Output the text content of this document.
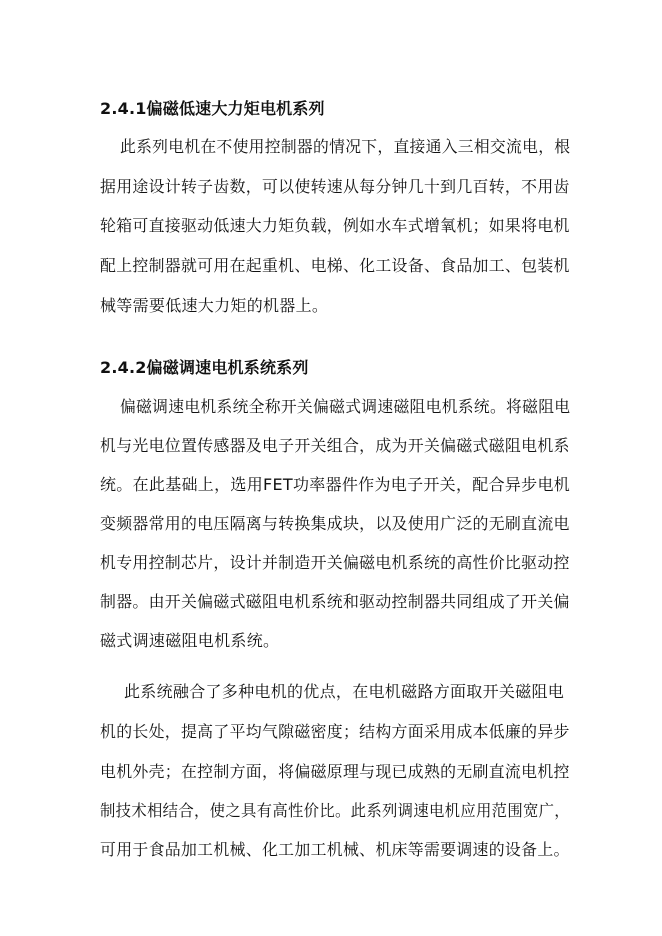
2.4.1偏磁低速大力矩电机系列

此系列电机在不使用控制器的情况下，直接通入三相交流电，根

据用途设计转子齿数，可以使转速从每分钟几十到几百转，不用齿

轮箱可直接驱动低速大力矩负载，例如水车式增氧机；如果将电机

配上控制器就可用在起重机、电梯、化工设备、食品加工、包装机

械等需要低速大力矩的机器上。

2.4.2偏磁调速电机系统系列

偏磁调速电机系统全称开关偏磁式调速磁阻电机系统。将磁阻电

机与光电位置传感器及电子开关组合，成为开关偏磁式磁阻电机系

统。在此基础上，选用FET功率器件作为电子开关，配合异步电机

变频器常用的电压隔离与转换集成块，以及使用广泛的无刷直流电

机专用控制芯片，设计并制造开关偏磁电机系统的高性价比驱动控

制器。由开关偏磁式磁阻电机系统和驱动控制器共同组成了开关偏

磁式调速磁阻电机系统。

此系统融合了多种电机的优点，在电机磁路方面取开关磁阻电

机的长处，提高了平均气隙磁密度；结构方面采用成本低廉的异步

电机外壳；在控制方面，将偏磁原理与现已成熟的无刷直流电机控

制技术相结合，使之具有高性价比。此系列调速电机应用范围宽广，

可用于食品加工机械、化工加工机械、机床等需要调速的设备上。
